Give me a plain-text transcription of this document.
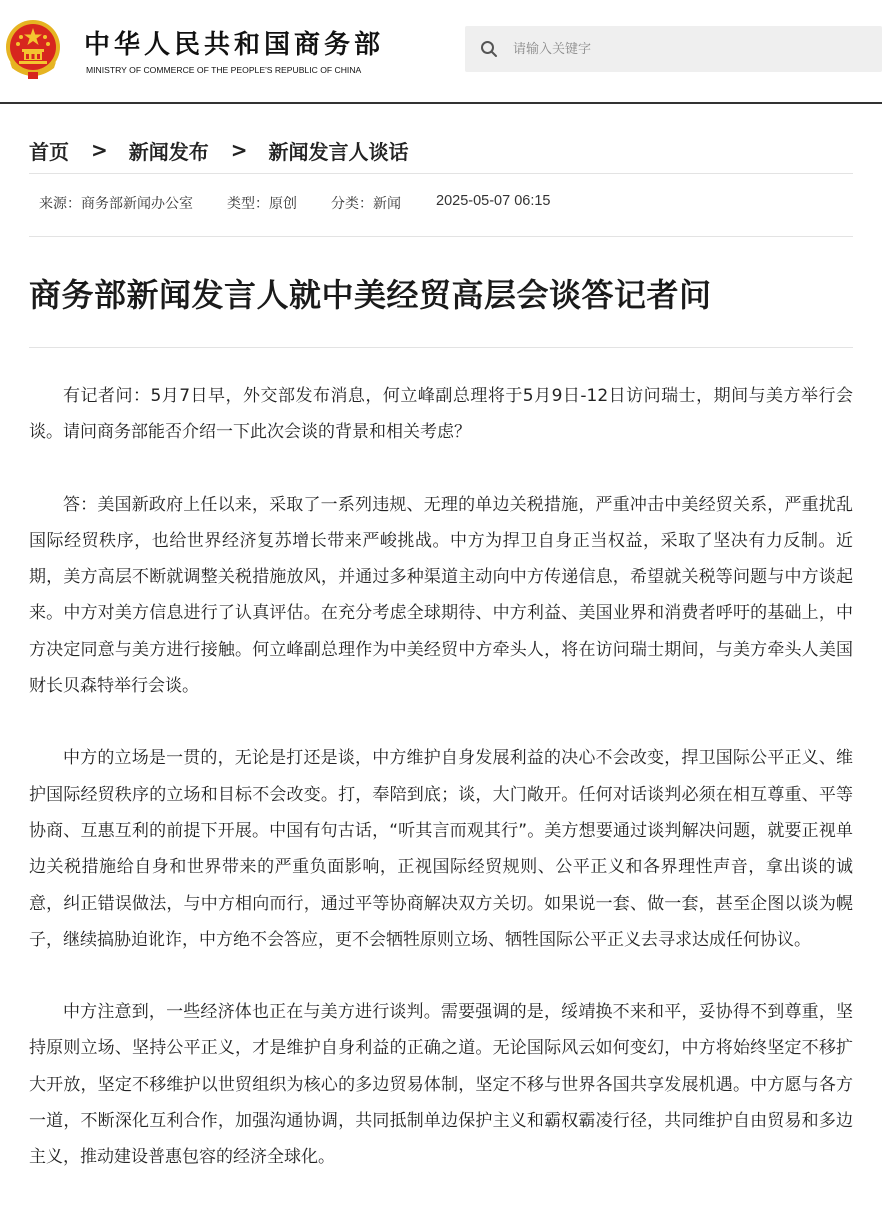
中华人民共和国商务部
MINISTRY OF COMMERCE OF THE PEOPLE'S REPUBLIC OF CHINA
请输入关键字
首页 > 新闻发布 > 新闻发言人谈话
来源：商务部新闻办公室 类型：原创 分类：新闻 2025-05-07 06:15
商务部新闻发言人就中美经贸高层会谈答记者问

有记者问：5月7日早，外交部发布消息，何立峰副总理将于5月9日-12日访问瑞士，期间与美方举行会谈。请问商务部能否介绍一下此次会谈的背景和相关考虑？

答：美国新政府上任以来，采取了一系列违规、无理的单边关税措施，严重冲击中美经贸关系，严重扰乱国际经贸秩序，也给世界经济复苏增长带来严峻挑战。中方为捍卫自身正当权益，采取了坚决有力反制。近期，美方高层不断就调整关税措施放风，并通过多种渠道主动向中方传递信息，希望就关税等问题与中方谈起来。中方对美方信息进行了认真评估。在充分考虑全球期待、中方利益、美国业界和消费者呼吁的基础上，中方决定同意与美方进行接触。何立峰副总理作为中美经贸中方牵头人，将在访问瑞士期间，与美方牵头人美国财长贝森特举行会谈。

中方的立场是一贯的，无论是打还是谈，中方维护自身发展利益的决心不会改变，捍卫国际公平正义、维护国际经贸秩序的立场和目标不会改变。打，奉陪到底；谈，大门敞开。任何对话谈判必须在相互尊重、平等协商、互惠互利的前提下开展。中国有句古话，“听其言而观其行”。美方想要通过谈判解决问题，就要正视单边关税措施给自身和世界带来的严重负面影响，正视国际经贸规则、公平正义和各界理性声音，拿出谈的诚意，纠正错误做法，与中方相向而行，通过平等协商解决双方关切。如果说一套、做一套，甚至企图以谈为幌子，继续搞胁迫讹诈，中方绝不会答应，更不会牺牲原则立场、牺牲国际公平正义去寻求达成任何协议。

中方注意到，一些经济体也正在与美方进行谈判。需要强调的是，绥靖换不来和平，妥协得不到尊重，坚持原则立场、坚持公平正义，才是维护自身利益的正确之道。无论国际风云如何变幻，中方将始终坚定不移扩大开放，坚定不移维护以世贸组织为核心的多边贸易体制，坚定不移与世界各国共享发展机遇。中方愿与各方一道，不断深化互利合作，加强沟通协调，共同抵制单边保护主义和霸权霸凌行径，共同维护自由贸易和多边主义，推动建设普惠包容的经济全球化。
